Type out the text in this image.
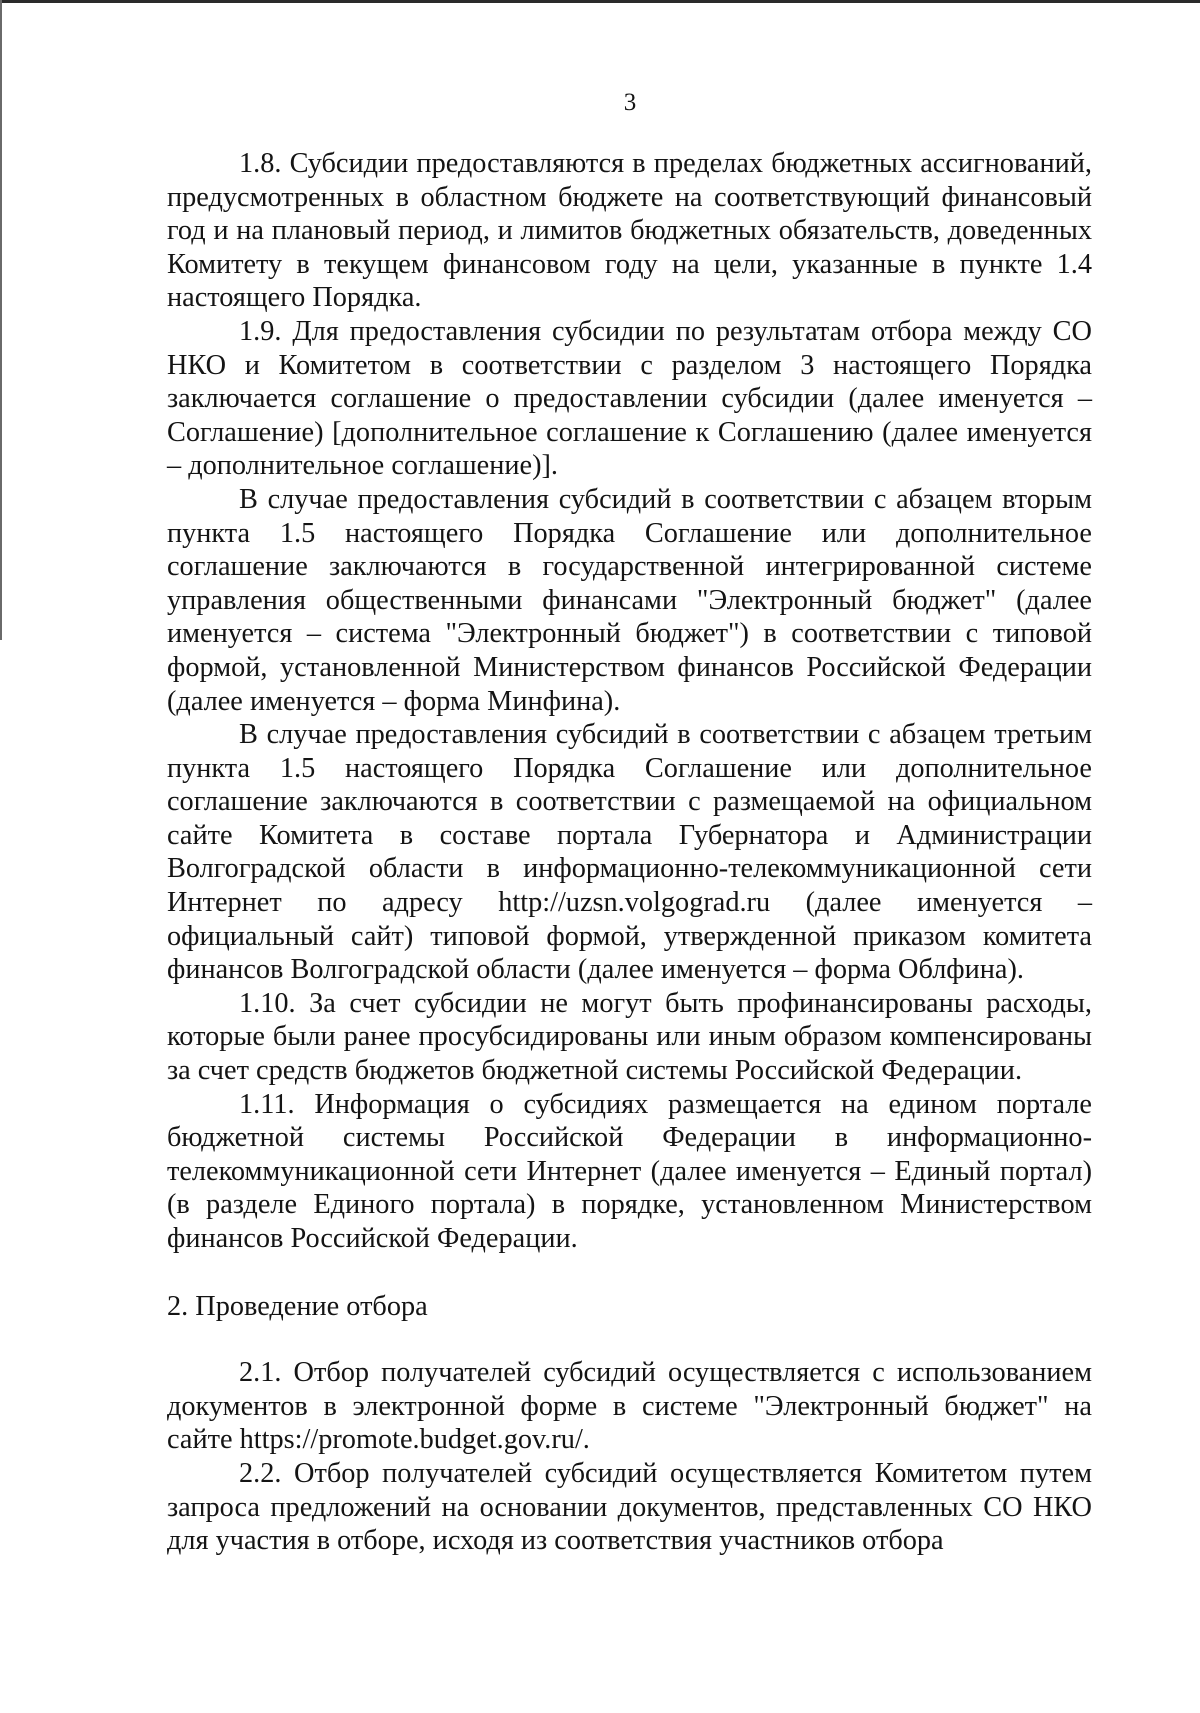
3

1.8. Субсидии предоставляются в пределах бюджетных ассигнований, предусмотренных в областном бюджете на соответствующий финансовый год и на плановый период, и лимитов бюджетных обязательств, доведенных Комитету в текущем финансовом году на цели, указанные в пункте 1.4 настоящего Порядка.

1.9. Для предоставления субсидии по результатам отбора между СО НКО и Комитетом в соответствии с разделом 3 настоящего Порядка заключается соглашение о предоставлении субсидии (далее именуется – Соглашение) [дополнительное соглашение к Соглашению (далее именуется – дополнительное соглашение)].

В случае предоставления субсидий в соответствии с абзацем вторым пункта 1.5 настоящего Порядка Соглашение или дополнительное соглашение заключаются в государственной интегрированной системе управления общественными финансами "Электронный бюджет" (далее именуется – система "Электронный бюджет") в соответствии с типовой формой, установленной Министерством финансов Российской Федерации (далее именуется – форма Минфина).

В случае предоставления субсидий в соответствии с абзацем третьим пункта 1.5 настоящего Порядка Соглашение или дополнительное соглашение заключаются в соответствии с размещаемой на официальном сайте Комитета в составе портала Губернатора и Администрации Волгоградской области в информационно-телекоммуникационной сети Интернет по адресу http://uzsn.volgograd.ru (далее именуется – официальный сайт) типовой формой, утвержденной приказом комитета финансов Волгоградской области (далее именуется – форма Облфина).

1.10. За счет субсидии не могут быть профинансированы расходы, которые были ранее просубсидированы или иным образом компенсированы за счет средств бюджетов бюджетной системы Российской Федерации.

1.11. Информация о субсидиях размещается на едином портале бюджетной системы Российской Федерации в информационно-телекоммуникационной сети Интернет (далее именуется – Единый портал) (в разделе Единого портала) в порядке, установленном Министерством финансов Российской Федерации.

2. Проведение отбора

2.1. Отбор получателей субсидий осуществляется с использованием документов в электронной форме в системе "Электронный бюджет" на сайте https://promote.budget.gov.ru/.

2.2. Отбор получателей субсидий осуществляется Комитетом путем запроса предложений на основании документов, представленных СО НКО для участия в отборе, исходя из соответствия участников отбора
